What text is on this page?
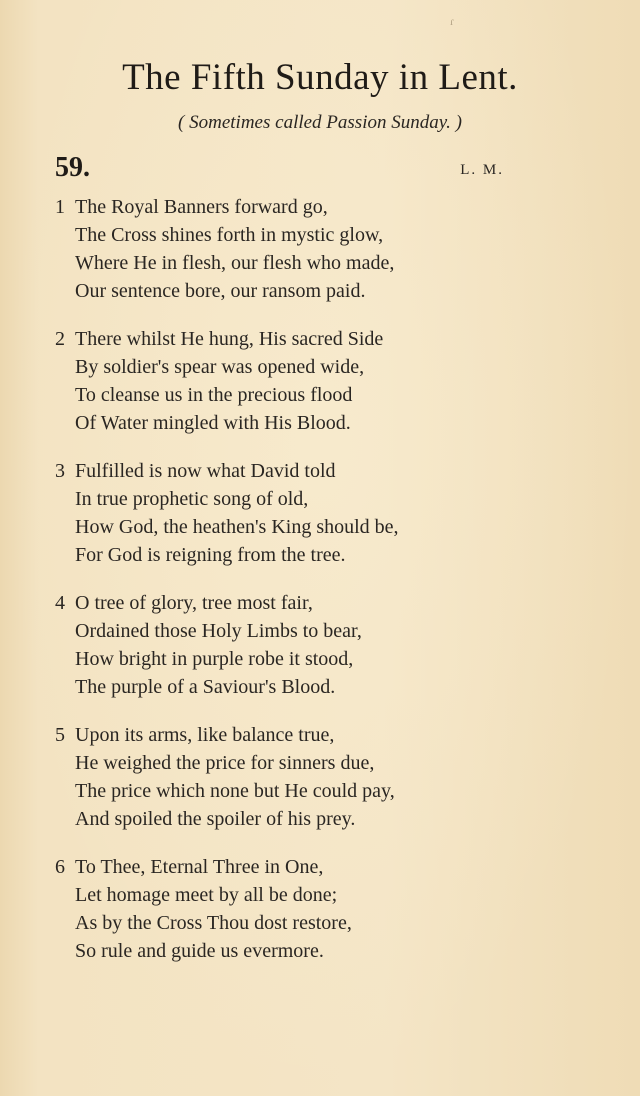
ɾ
The Fifth Sunday in Lent.
( Sometimes called Passion Sunday. )
59.	L. M.
1 The Royal Banners forward go,
The Cross shines forth in mystic glow,
Where He in flesh, our flesh who made,
Our sentence bore, our ransom paid.
2 There whilst He hung, His sacred Side
By soldier's spear was opened wide,
To cleanse us in the precious flood
Of Water mingled with His Blood.
3 Fulfilled is now what David told
In true prophetic song of old,
How God, the heathen's King should be,
For God is reigning from the tree.
4 O tree of glory, tree most fair,
Ordained those Holy Limbs to bear,
How bright in purple robe it stood,
The purple of a Saviour's Blood.
5 Upon its arms, like balance true,
He weighed the price for sinners due,
The price which none but He could pay,
And spoiled the spoiler of his prey.
6 To Thee, Eternal Three in One,
Let homage meet by all be done;
As by the Cross Thou dost restore,
So rule and guide us evermore.
